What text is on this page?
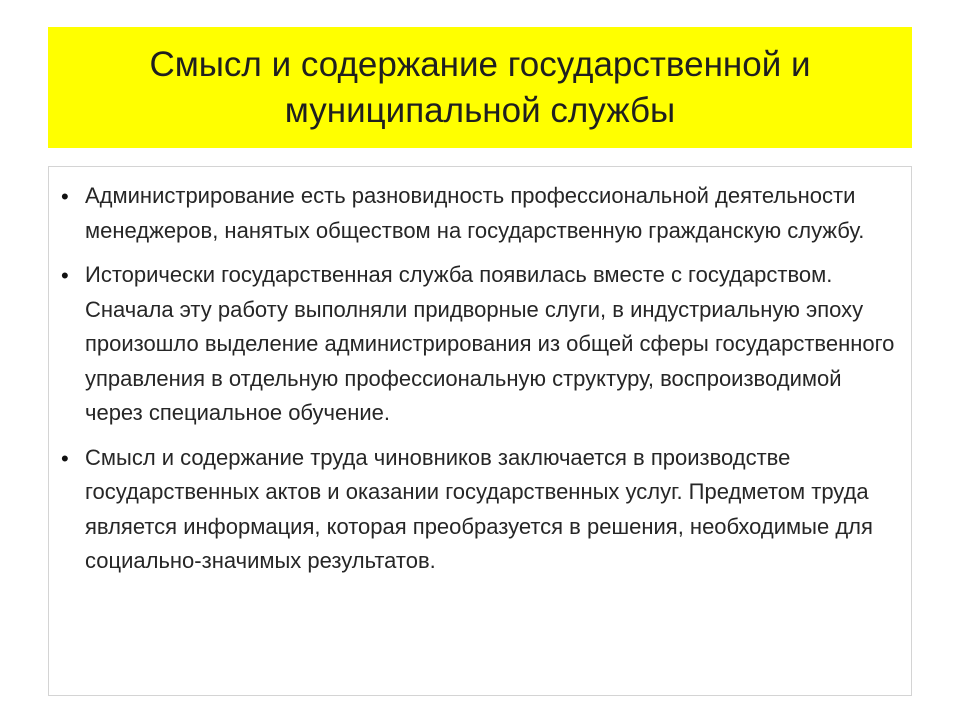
Смысл и содержание государственной и муниципальной службы
• Администрирование есть разновидность профессиональной деятельности менеджеров, нанятых обществом на государственную гражданскую службу.
• Исторически государственная служба появилась вместе с государством. Сначала эту работу выполняли придворные слуги, в индустриальную эпоху произошло выделение администрирования из общей сферы государственного управления в отдельную профессиональную структуру, воспроизводимой через специальное обучение.
• Смысл и содержание труда чиновников заключается в производстве государственных актов и оказании государственных услуг. Предметом труда является информация, которая преобразуется в решения, необходимые для социально-значимых результатов.
